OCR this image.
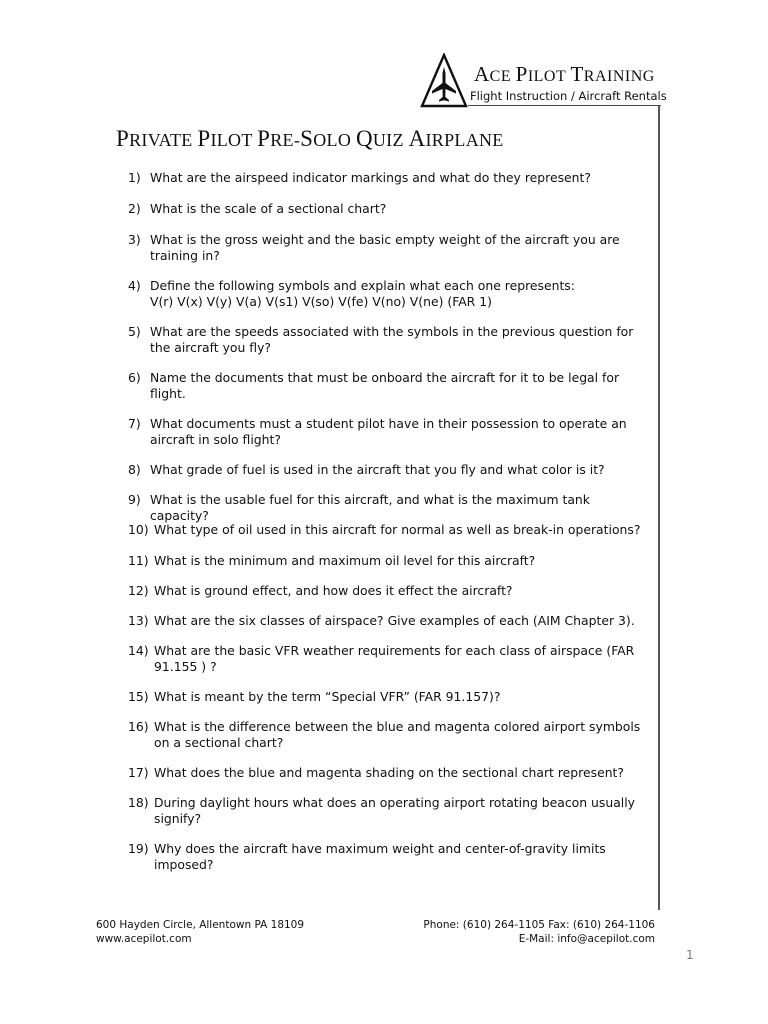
ACE PILOT TRAINING
Flight Instruction / Aircraft Rentals
PRIVATE PILOT PRE-SOLO QUIZ AIRPLANE
1) What are the airspeed indicator markings and what do they represent?
2) What is the scale of a sectional chart?
3) What is the gross weight and the basic empty weight of the aircraft you are training in?
4) Define the following symbols and explain what each one represents:
V(r) V(x) V(y) V(a) V(s1) V(so) V(fe) V(no) V(ne) (FAR 1)
5) What are the speeds associated with the symbols in the previous question for the aircraft you fly?
6) Name the documents that must be onboard the aircraft for it to be legal for flight.
7) What documents must a student pilot have in their possession to operate an aircraft in solo flight?
8) What grade of fuel is used in the aircraft that you fly and what color is it?
9) What is the usable fuel for this aircraft, and what is the maximum tank capacity?
10) What type of oil used in this aircraft for normal as well as break-in operations?
11) What is the minimum and maximum oil level for this aircraft?
12) What is ground effect, and how does it effect the aircraft?
13) What are the six classes of airspace? Give examples of each (AIM Chapter 3).
14) What are the basic VFR weather requirements for each class of airspace (FAR 91.155 ) ?
15) What is meant by the term “Special VFR” (FAR 91.157)?
16) What is the difference between the blue and magenta colored airport symbols on a sectional chart?
17) What does the blue and magenta shading on the sectional chart represent?
18) During daylight hours what does an operating airport rotating beacon usually signify?
19) Why does the aircraft have maximum weight and center-of-gravity limits imposed?
600 Hayden Circle, Allentown PA 18109
www.acepilot.com
Phone: (610) 264-1105 Fax: (610) 264-1106
E-Mail: info@acepilot.com
1
